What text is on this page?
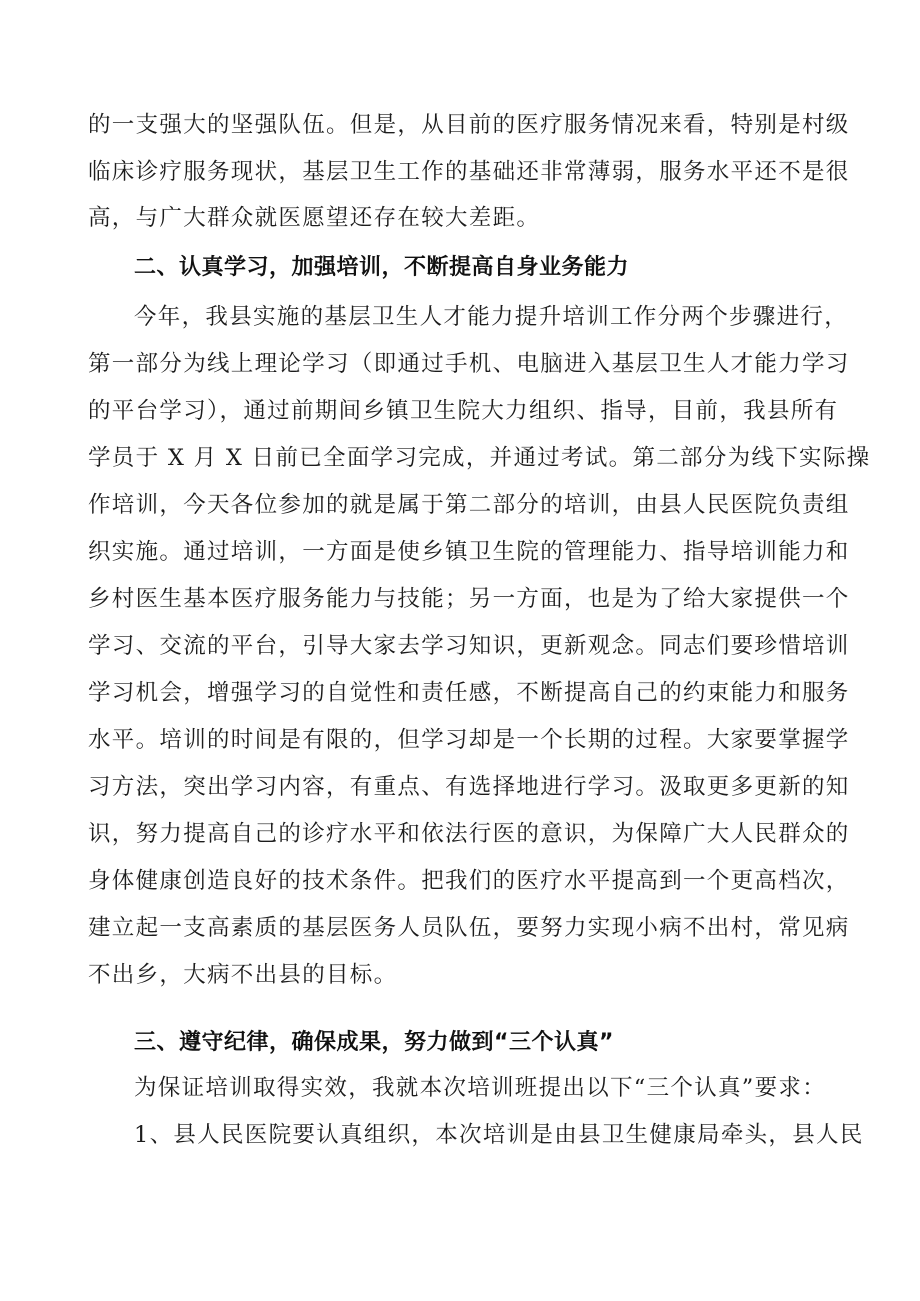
的一支强大的坚强队伍。但是，从目前的医疗服务情况来看，特别是村级
临床诊疗服务现状，基层卫生工作的基础还非常薄弱，服务水平还不是很
高，与广大群众就医愿望还存在较大差距。
二、认真学习，加强培训，不断提高自身业务能力
今年，我县实施的基层卫生人才能力提升培训工作分两个步骤进行，
第一部分为线上理论学习（即通过手机、电脑进入基层卫生人才能力学习
的平台学习），通过前期间乡镇卫生院大力组织、指导，目前，我县所有
学员于 X 月 X 日前已全面学习完成，并通过考试。第二部分为线下实际操
作培训，今天各位参加的就是属于第二部分的培训，由县人民医院负责组
织实施。通过培训，一方面是使乡镇卫生院的管理能力、指导培训能力和
乡村医生基本医疗服务能力与技能；另一方面，也是为了给大家提供一个
学习、交流的平台，引导大家去学习知识，更新观念。同志们要珍惜培训
学习机会，增强学习的自觉性和责任感，不断提高自己的约束能力和服务
水平。培训的时间是有限的，但学习却是一个长期的过程。大家要掌握学
习方法，突出学习内容，有重点、有选择地进行学习。汲取更多更新的知
识，努力提高自己的诊疗水平和依法行医的意识，为保障广大人民群众的
身体健康创造良好的技术条件。把我们的医疗水平提高到一个更高档次，
建立起一支高素质的基层医务人员队伍，要努力实现小病不出村，常见病
不出乡，大病不出县的目标。
三、遵守纪律，确保成果，努力做到“三个认真”
为保证培训取得实效，我就本次培训班提出以下“三个认真”要求：
1、县人民医院要认真组织，本次培训是由县卫生健康局牵头，县人民
